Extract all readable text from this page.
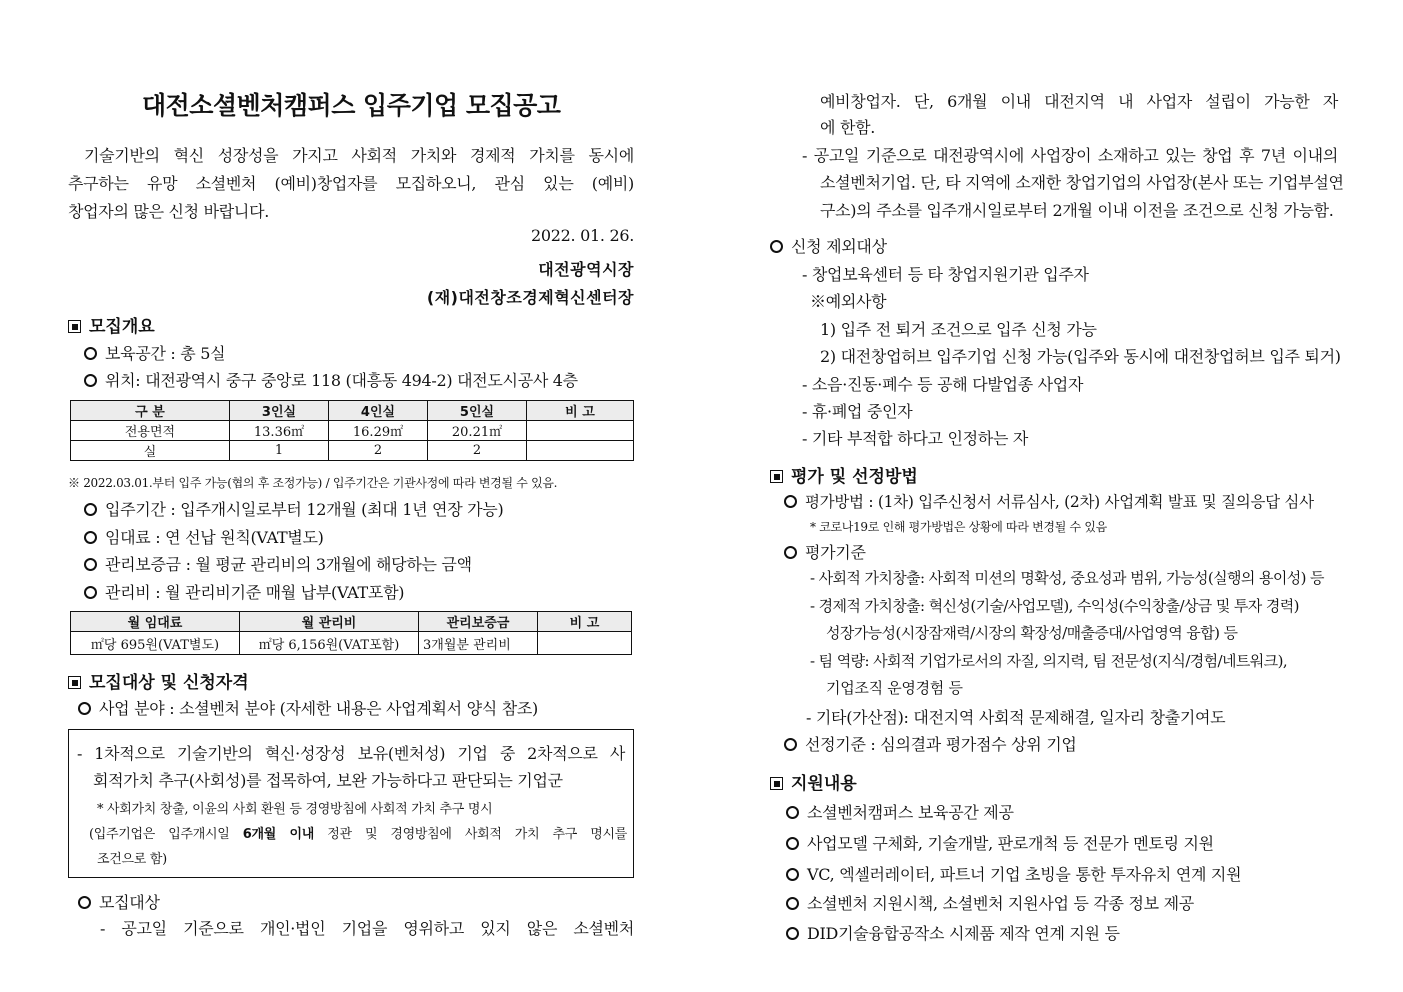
대전소셜벤처캠퍼스 입주기업 모집공고
기술기반의 혁신 성장성을 가지고 사회적 가치와 경제적 가치를 동시에
추구하는 유망 소셜벤처 (예비)창업자를 모집하오니, 관심 있는 (예비)
창업자의 많은 신청 바랍니다.
2022. 01. 26.
대전광역시장
(재)대전창조경제혁신센터장
모집개요
보육공간 : 총 5실
위치: 대전광역시 중구 중앙로 118 (대흥동 494-2) 대전도시공사 4층
구 분	3인실	4인실	5인실	비 고
전용면적	13.36㎡	16.29㎡	20.21㎡	
실	1	2	2	
※ 2022.03.01.부터 입주 가능(협의 후 조정가능) / 입주기간은 기관사정에 따라 변경될 수 있음.
입주기간 : 입주개시일로부터 12개월 (최대 1년 연장 가능)
임대료 : 연 선납 원칙(VAT별도)
관리보증금 : 월 평균 관리비의 3개월에 해당하는 금액
관리비 : 월 관리비기준 매월 납부(VAT포함)
월 임대료	월 관리비	관리보증금	비 고
㎡당 695원(VAT별도)	㎡당 6,156원(VAT포함)	3개월분 관리비	
모집대상 및 신청자격
사업 분야 : 소셜벤처 분야 (자세한 내용은 사업계획서 양식 참조)
- 1차적으로 기술기반의 혁신·성장성 보유(벤처성) 기업 중 2차적으로 사
회적가치 추구(사회성)를 접목하여, 보완 가능하다고 판단되는 기업군
* 사회가치 창출, 이윤의 사회 환원 등 경영방침에 사회적 가치 추구 명시
(입주기업은 입주개시일 6개월 이내 정관 및 경영방침에 사회적 가치 추구 명시를
조건으로 함)
모집대상
- 공고일 기준으로 개인·법인 기업을 영위하고 있지 않은 소셜벤처
예비창업자. 단, 6개월 이내 대전지역 내 사업자 설립이 가능한 자
에 한함.
- 공고일 기준으로 대전광역시에 사업장이 소재하고 있는 창업 후 7년 이내의
소셜벤처기업. 단, 타 지역에 소재한 창업기업의 사업장(본사 또는 기업부설연
구소)의 주소를 입주개시일로부터 2개월 이내 이전을 조건으로 신청 가능함.
신청 제외대상
- 창업보육센터 등 타 창업지원기관 입주자
※예외사항
1) 입주 전 퇴거 조건으로 입주 신청 가능
2) 대전창업허브 입주기업 신청 가능(입주와 동시에 대전창업허브 입주 퇴거)
- 소음·진동·폐수 등 공해 다발업종 사업자
- 휴·폐업 중인자
- 기타 부적합 하다고 인정하는 자
평가 및 선정방법
평가방법 : (1차) 입주신청서 서류심사, (2차) 사업계획 발표 및 질의응답 심사
* 코로나19로 인해 평가방법은 상황에 따라 변경될 수 있음
평가기준
- 사회적 가치창출: 사회적 미션의 명확성, 중요성과 범위, 가능성(실행의 용이성) 등
- 경제적 가치창출: 혁신성(기술/사업모델), 수익성(수익창출/상금 및 투자 경력)
성장가능성(시장잠재력/시장의 확장성/매출증대/사업영역 융합) 등
- 팀 역량: 사회적 기업가로서의 자질, 의지력, 팀 전문성(지식/경험/네트워크),
기업조직 운영경험 등
- 기타(가산점): 대전지역 사회적 문제해결, 일자리 창출기여도
선정기준 : 심의결과 평가점수 상위 기업
지원내용
소셜벤처캠퍼스 보육공간 제공
사업모델 구체화, 기술개발, 판로개척 등 전문가 멘토링 지원
VC, 엑셀러레이터, 파트너 기업 초빙을 통한 투자유치 연계 지원
소셜벤처 지원시책, 소셜벤처 지원사업 등 각종 정보 제공
DID기술융합공작소 시제품 제작 연계 지원 등
